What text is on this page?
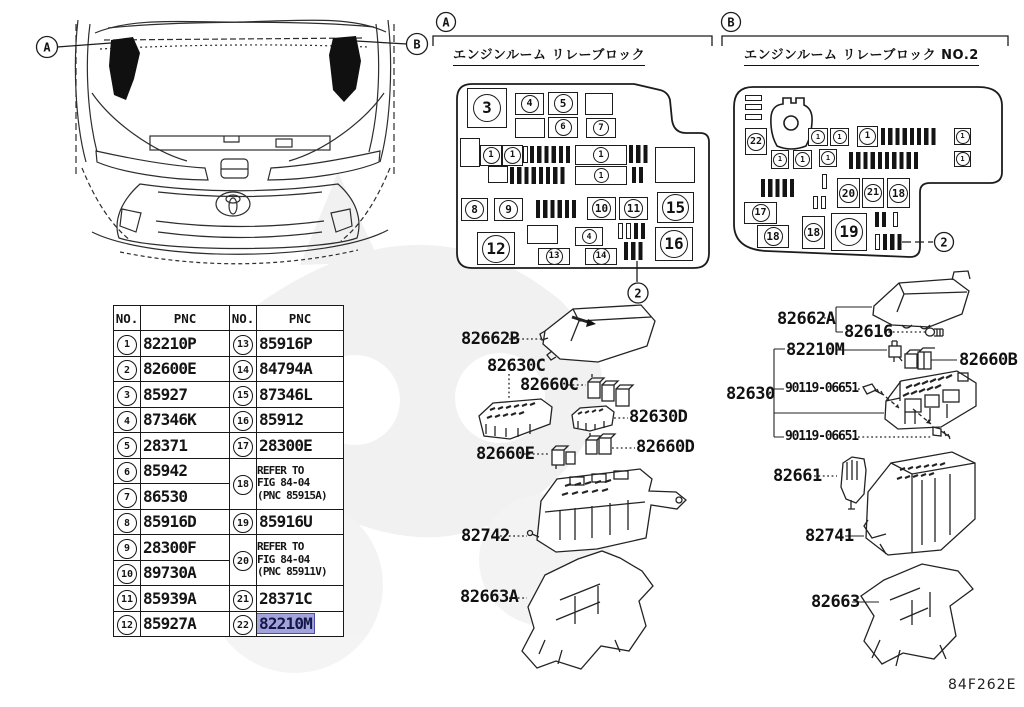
A	B
A	B
2
2
3	4	5
6	7
1	1	1
1
8	9	10 11 15
12
4
13	14
16
22	1	1	1	1
1	1	1	1
20 21 18
17
18 18 19
82662B
82630C
82660C
82630D
82660D
82660E
82742
82663A
82662A
82616
82210M	82660B
82630 90119-06651
90119-06651
82661
82741
82663
エンジンルーム リレーブロック	エンジンルーム リレーブロック NO.2
NO.	PNC	NO.	PNC
1	82210P	13	85916P
2	82600E	14	84794A
3	85927	15	87346L
4	87346K	16	85912
5	28371	17	28300E
6	85942	18	REFER TO
FIG 84-04
(PNC 85915A)
7	86530		
8	85916D	19	85916U
9	28300F	20	REFER TO
FIG 84-04
(PNC 85911V)
10	89730A		
11	85939A	21	28371C
12	85927A	22	82210M
84F262E
